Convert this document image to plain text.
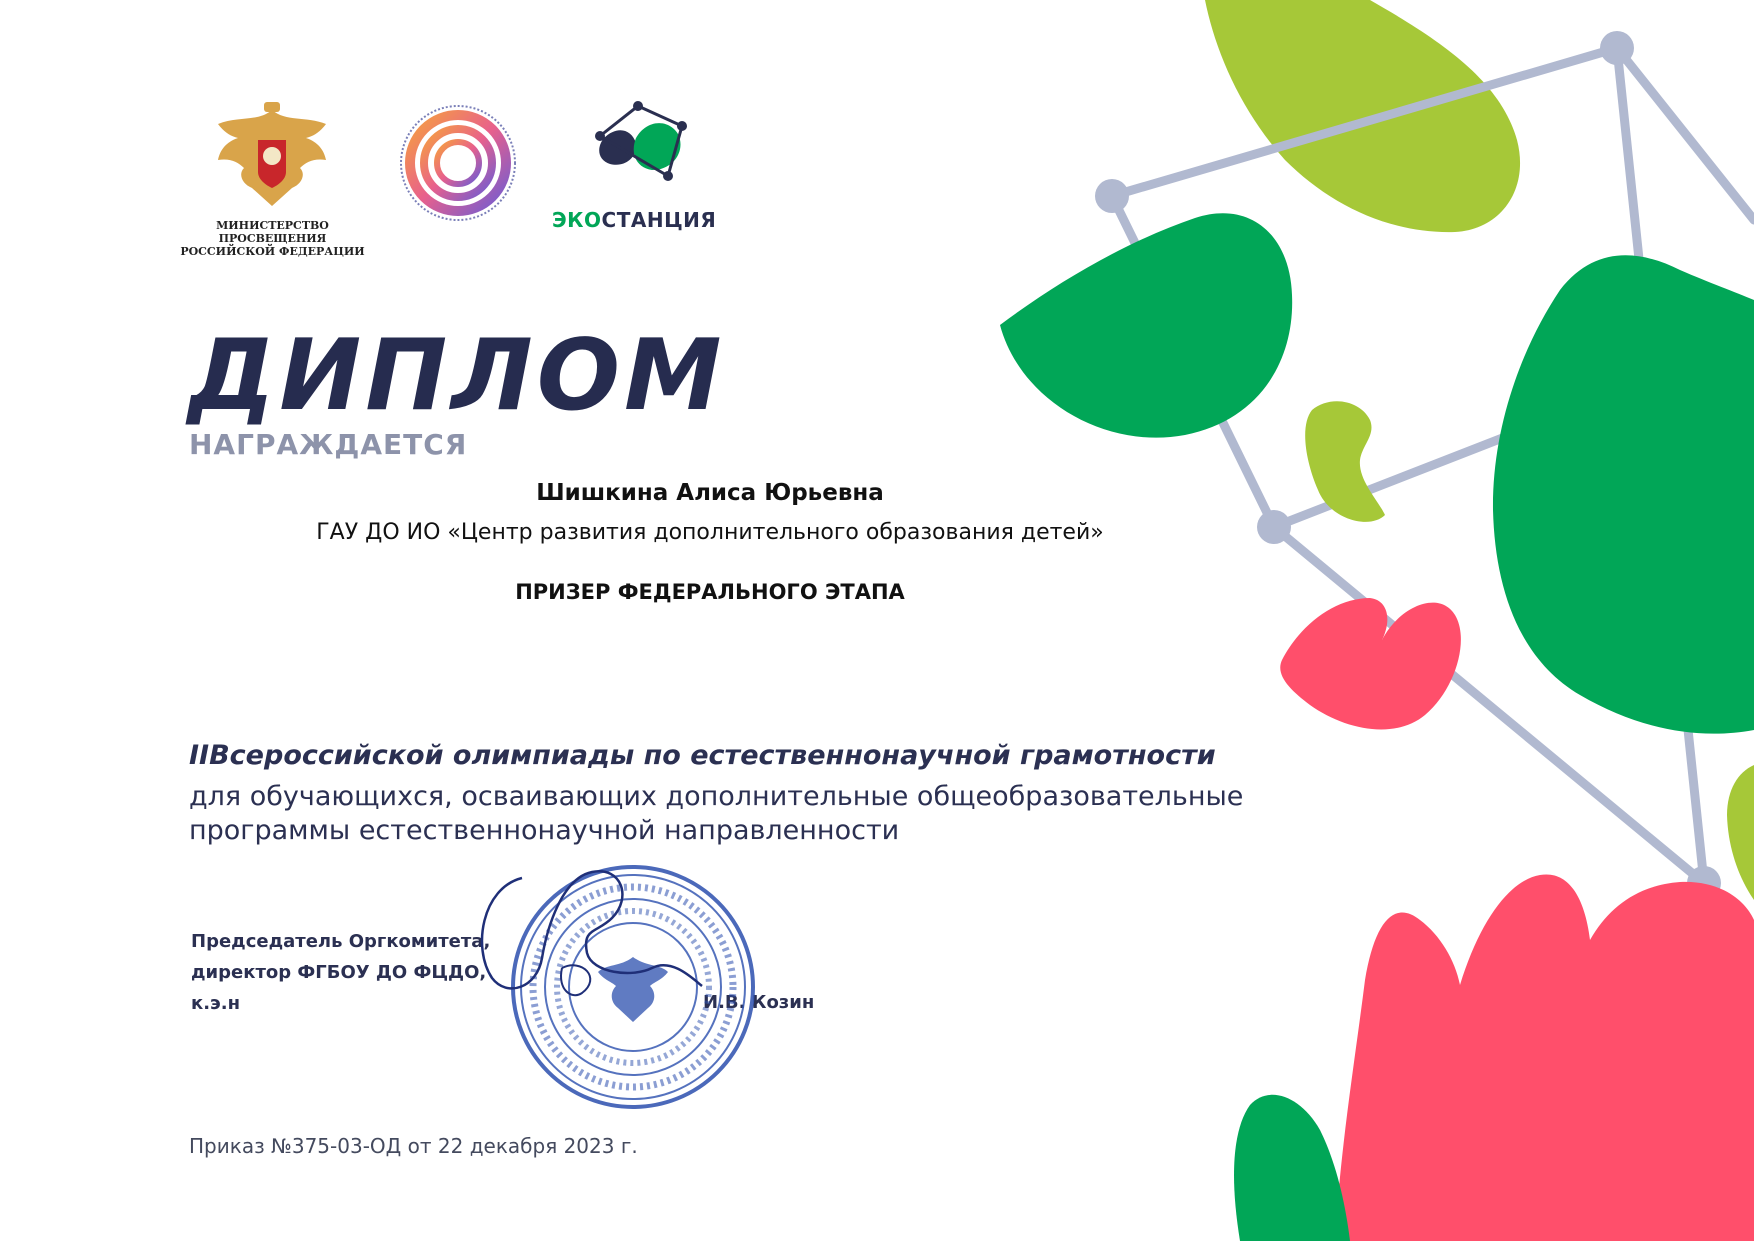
МИНИСТЕРСТВО ПРОСВЕЩЕНИЯ
РОССИЙСКОЙ ФЕДЕРАЦИИ
ЭКОСТАНЦИЯ
ДИПЛОМ
НАГРАЖДАЕТСЯ
Шишкина Алиса Юрьевна
ГАУ ДО ИО «Центр развития дополнительного образования детей»
ПРИЗЕР ФЕДЕРАЛЬНОГО ЭТАПА
IIВсероссийской олимпиады по естественнонаучной грамотности
для обучающихся, осваивающих дополнительные общеобразовательные
программы естественнонаучной направленности
Председатель Оргкомитета,
директор ФГБОУ ДО ФЦДО,
к.э.н	И.В. Козин
Приказ №375-03-ОД от 22 декабря 2023 г.
